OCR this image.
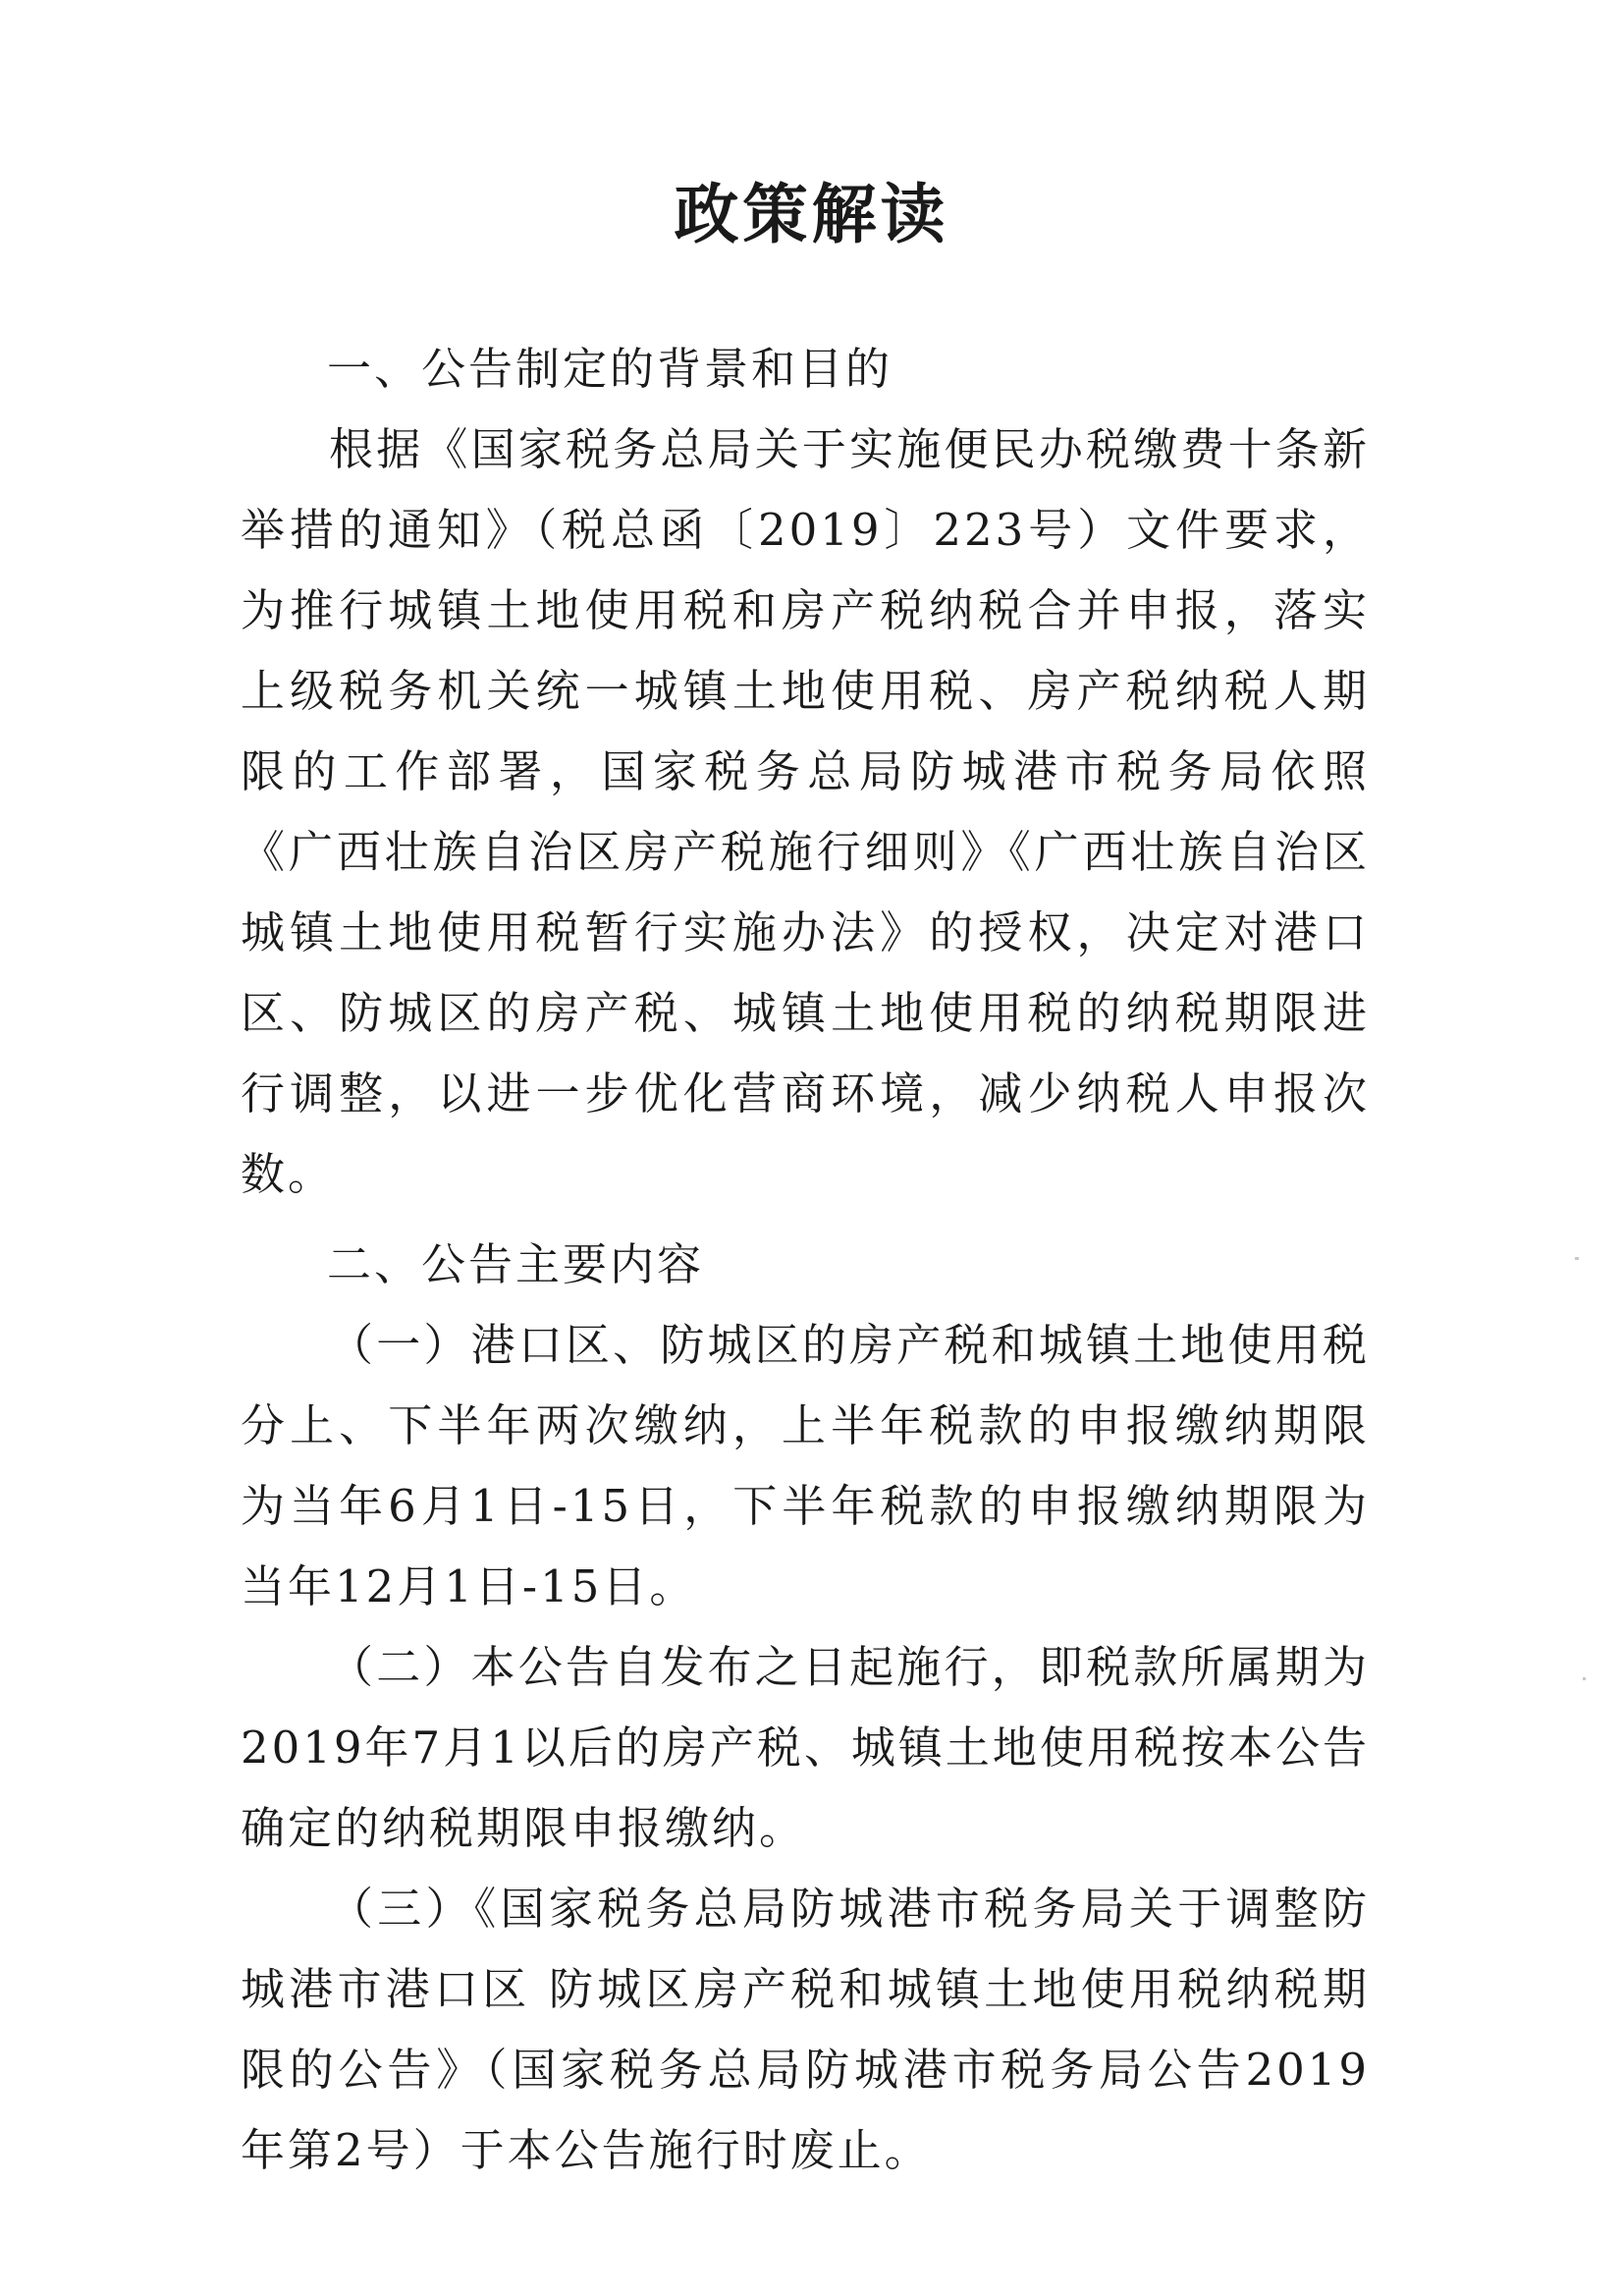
政策解读

一、公告制定的背景和目的

根据《国家税务总局关于实施便民办税缴费十条新举措的通知》（税总函〔2019〕223号）文件要求，为推行城镇土地使用税和房产税纳税合并申报，落实上级税务机关统一城镇土地使用税、房产税纳税人期限的工作部署，国家税务总局防城港市税务局依照《广西壮族自治区房产税施行细则》《广西壮族自治区城镇土地使用税暂行实施办法》的授权，决定对港口区、防城区的房产税、城镇土地使用税的纳税期限进行调整，以进一步优化营商环境，减少纳税人申报次数。

二、公告主要内容

（一）港口区、防城区的房产税和城镇土地使用税分上、下半年两次缴纳，上半年税款的申报缴纳期限为当年6月1日-15日，下半年税款的申报缴纳期限为当年12月1日-15日。

（二）本公告自发布之日起施行，即税款所属期为2019年7月1以后的房产税、城镇土地使用税按本公告确定的纳税期限申报缴纳。

（三）《国家税务总局防城港市税务局关于调整防城港市港口区 防城区房产税和城镇土地使用税纳税期限的公告》（国家税务总局防城港市税务局公告2019年第2号）于本公告施行时废止。
